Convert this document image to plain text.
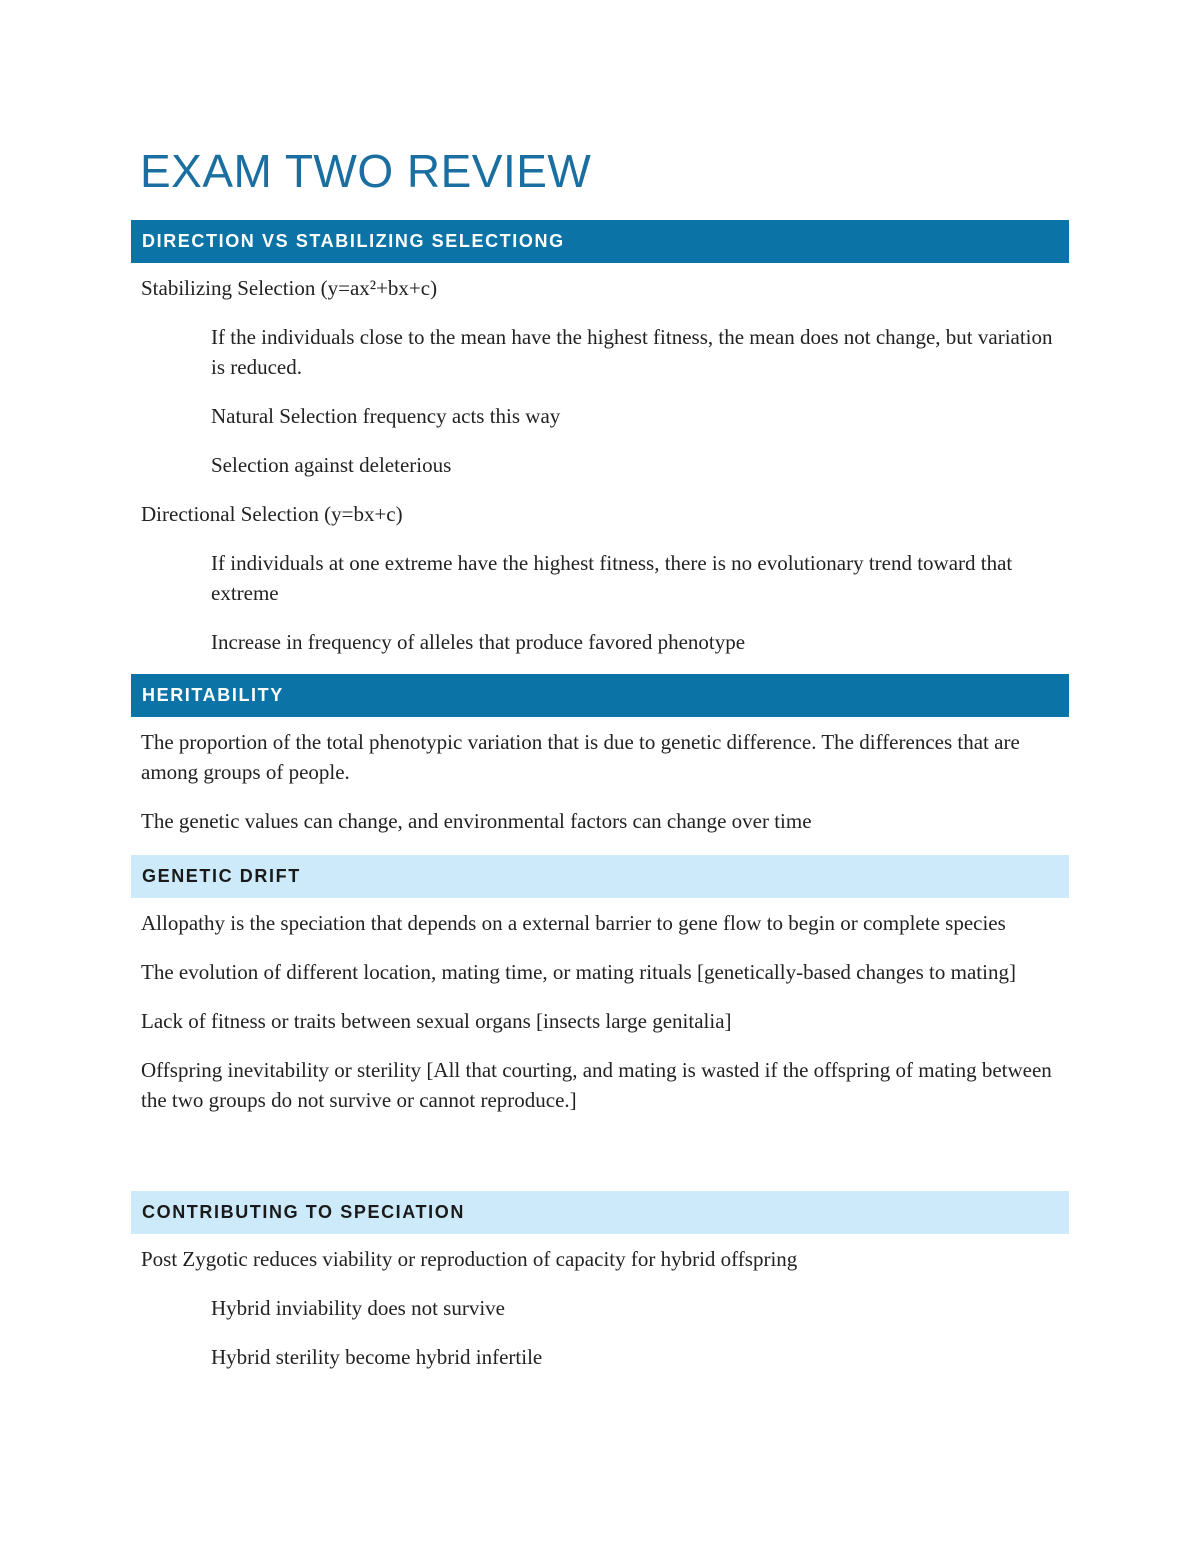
EXAM TWO REVIEW
DIRECTION VS STABILIZING SELECTIONG

Stabilizing Selection (y=ax²+bx+c)

If the individuals close to the mean have the highest fitness, the mean does not change, but variation is reduced.

Natural Selection frequency acts this way

Selection against deleterious

Directional Selection (y=bx+c)

If individuals at one extreme have the highest fitness, there is no evolutionary trend toward that extreme

Increase in frequency of alleles that produce favored phenotype

HERITABILITY

The proportion of the total phenotypic variation that is due to genetic difference. The differences that are among groups of people.

The genetic values can change, and environmental factors can change over time

GENETIC DRIFT

Allopathy is the speciation that depends on a external barrier to gene flow to begin or complete species

The evolution of different location, mating time, or mating rituals [genetically-based changes to mating]

Lack of fitness or traits between sexual organs [insects large genitalia]

Offspring inevitability or sterility [All that courting, and mating is wasted if the offspring of mating between the two groups do not survive or cannot reproduce.]

CONTRIBUTING TO SPECIATION

Post Zygotic reduces viability or reproduction of capacity for hybrid offspring

Hybrid inviability does not survive

Hybrid sterility become hybrid infertile
